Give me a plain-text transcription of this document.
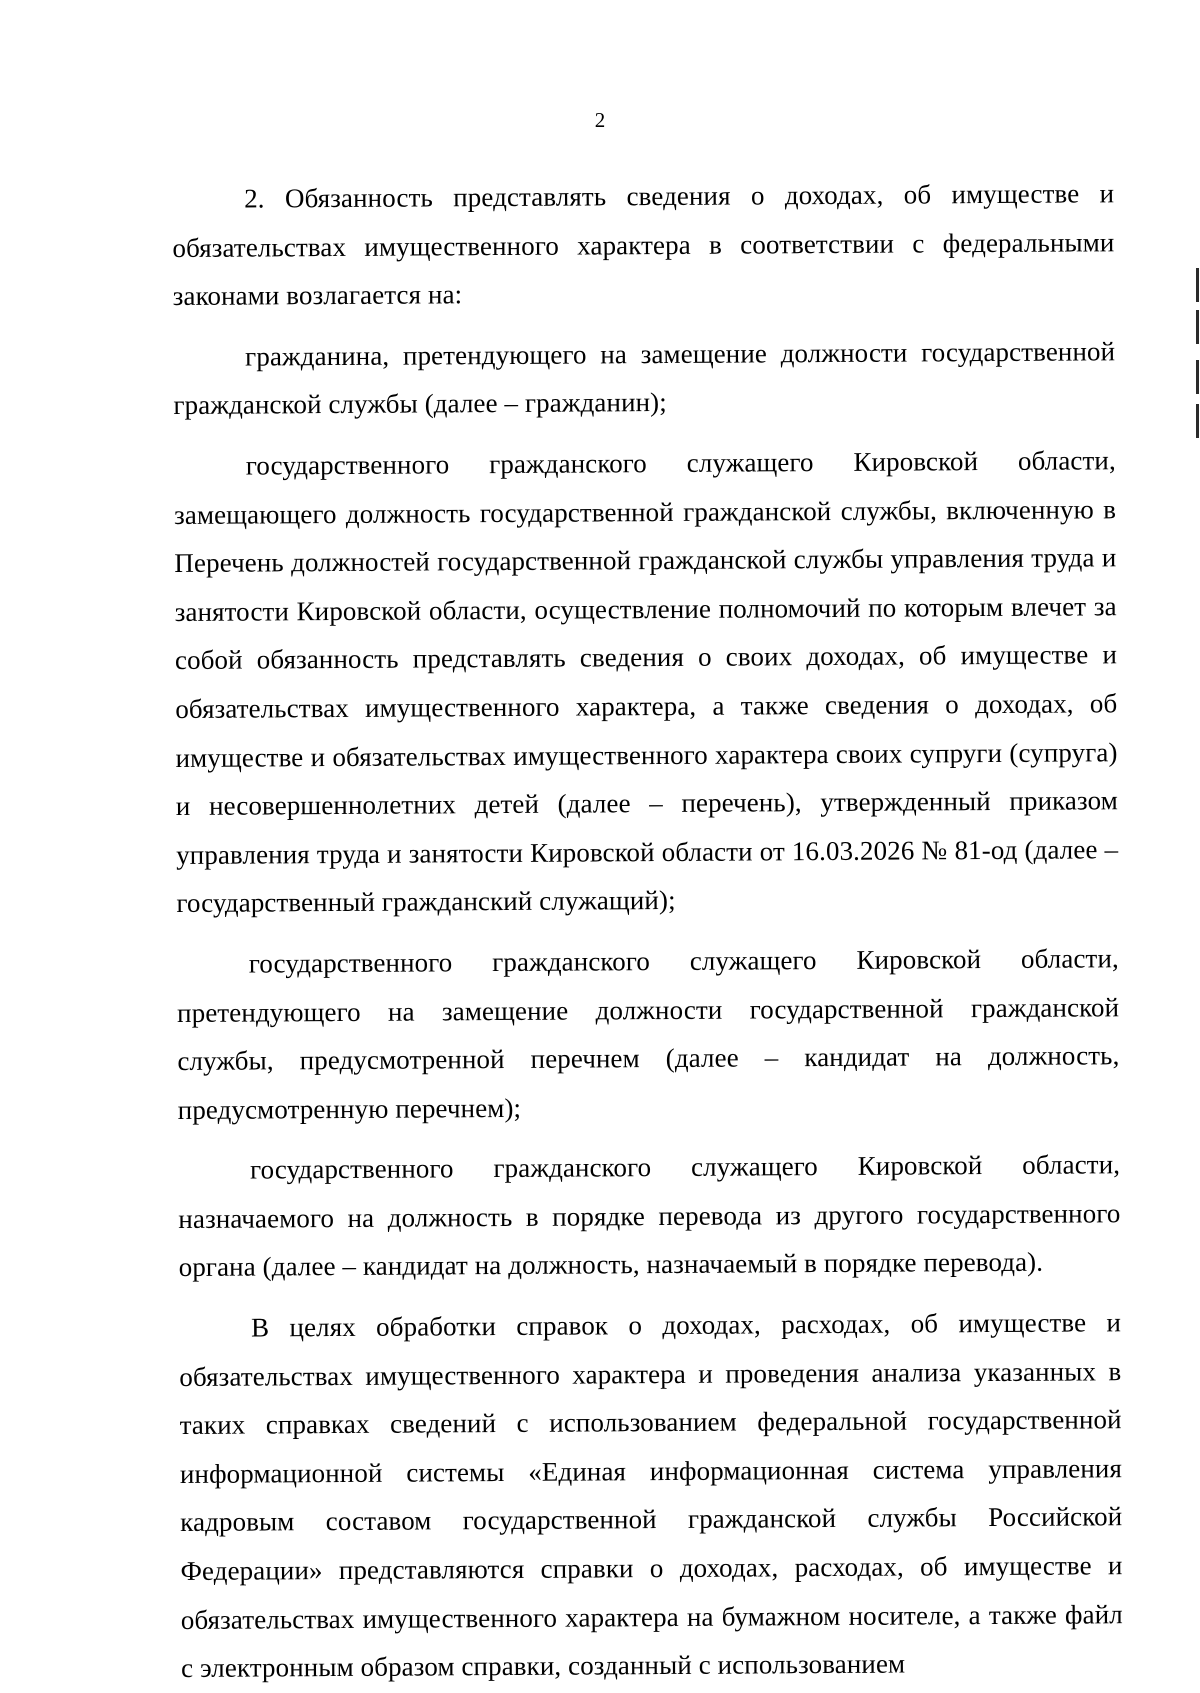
2

2. Обязанность представлять сведения о доходах, об имуществе и обязательствах имущественного характера в соответствии с федеральными законами возлагается на:

гражданина, претендующего на замещение должности государственной гражданской службы (далее – гражданин);

государственного гражданского служащего Кировской области, замещающего должность государственной гражданской службы, включенную в Перечень должностей государственной гражданской службы управления труда и занятости Кировской области, осуществление полномочий по которым влечет за собой обязанность представлять сведения о своих доходах, об имуществе и обязательствах имущественного характера, а также сведения о доходах, об имуществе и обязательствах имущественного характера своих супруги (супруга) и несовершеннолетних детей (далее – перечень), утвержденный приказом управления труда и занятости Кировской области от 16.03.2026 № 81-од (далее – государственный гражданский служащий);

государственного гражданского служащего Кировской области, претендующего на замещение должности государственной гражданской службы, предусмотренной перечнем (далее – кандидат на должность, предусмотренную перечнем);

государственного гражданского служащего Кировской области, назначаемого на должность в порядке перевода из другого государственного органа (далее – кандидат на должность, назначаемый в порядке перевода).

В целях обработки справок о доходах, расходах, об имуществе и обязательствах имущественного характера и проведения анализа указанных в таких справках сведений с использованием федеральной государственной информационной системы «Единая информационная система управления кадровым составом государственной гражданской службы Российской Федерации» представляются справки о доходах, расходах, об имуществе и обязательствах имущественного характера на бумажном носителе, а также файл с электронным образом справки, созданный с использованием
